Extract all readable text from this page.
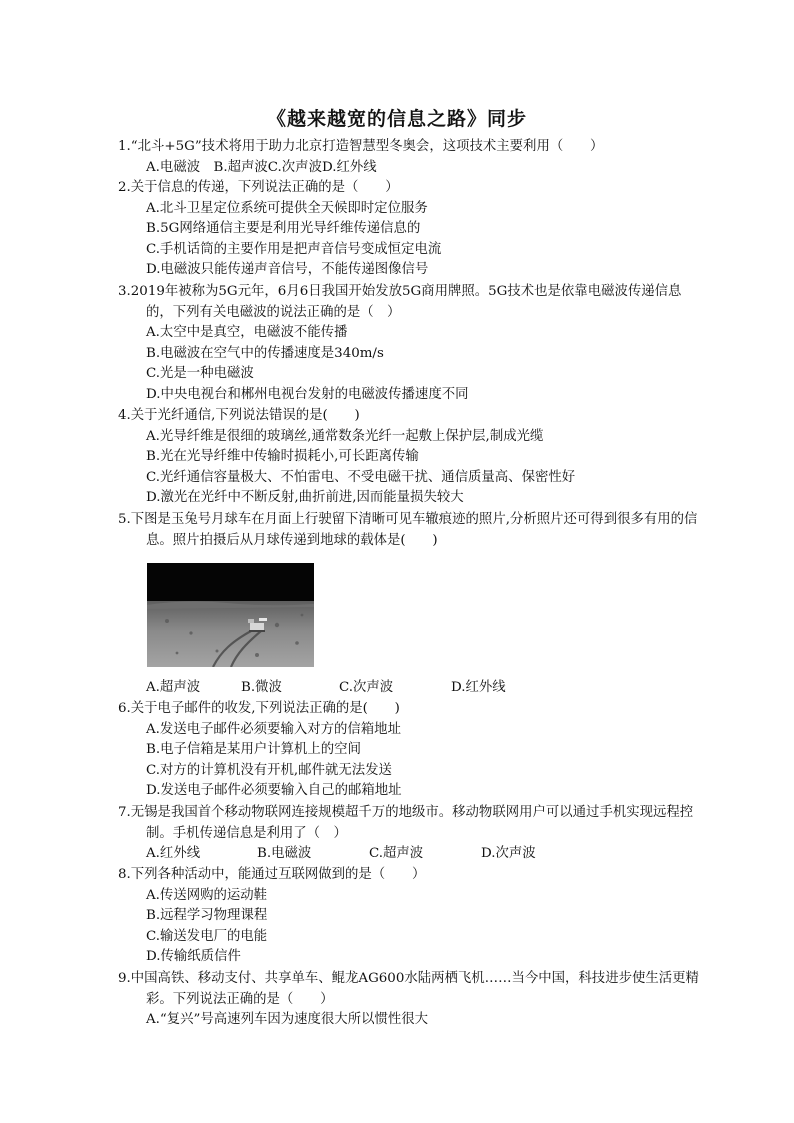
《越来越宽的信息之路》同步
1.“北斗+5G”技术将用于助力北京打造智慧型冬奥会，这项技术主要利用（　　）
A.电磁波　B.超声波C.次声波D.红外线
2.关于信息的传递，下列说法正确的是（　　）
A.北斗卫星定位系统可提供全天候即时定位服务
B.5G网络通信主要是利用光导纤维传递信息的
C.手机话筒的主要作用是把声音信号变成恒定电流
D.电磁波只能传递声音信号，不能传递图像信号
3.2019年被称为5G元年，6月6日我国开始发放5G商用牌照。5G技术也是依靠电磁波传递信息的，下列有关电磁波的说法正确的是（　）
A.太空中是真空，电磁波不能传播
B.电磁波在空气中的传播速度是340m/s
C.光是一种电磁波
D.中央电视台和郴州电视台发射的电磁波传播速度不同
4.关于光纤通信,下列说法错误的是(　　)
A.光导纤维是很细的玻璃丝,通常数条光纤一起敷上保护层,制成光缆
B.光在光导纤维中传输时损耗小,可长距离传输
C.光纤通信容量极大、不怕雷电、不受电磁干扰、通信质量高、保密性好
D.激光在光纤中不断反射,曲折前进,因而能量损失较大
5.下图是玉兔号月球车在月面上行驶留下清晰可见车辙痕迹的照片,分析照片还可得到很多有用的信息。照片拍摄后从月球传递到地球的载体是(　　)
A.超声波	B.微波	C.次声波	D.红外线
6.关于电子邮件的收发,下列说法正确的是(　　)
A.发送电子邮件必须要输入对方的信箱地址
B.电子信箱是某用户计算机上的空间
C.对方的计算机没有开机,邮件就无法发送
D.发送电子邮件必须要输入自己的邮箱地址
7.无锡是我国首个移动物联网连接规模超千万的地级市。移动物联网用户可以通过手机实现远程控制。手机传递信息是利用了（　）
A.红外线	B.电磁波	C.超声波	D.次声波
8.下列各种活动中，能通过互联网做到的是（　　）
A.传送网购的运动鞋
B.远程学习物理课程
C.输送发电厂的电能
D.传输纸质信件
9.中国高铁、移动支付、共享单车、鲲龙AG600水陆两栖飞机……当今中国，科技进步使生活更精彩。下列说法正确的是（　　）
A.“复兴”号高速列车因为速度很大所以惯性很大
